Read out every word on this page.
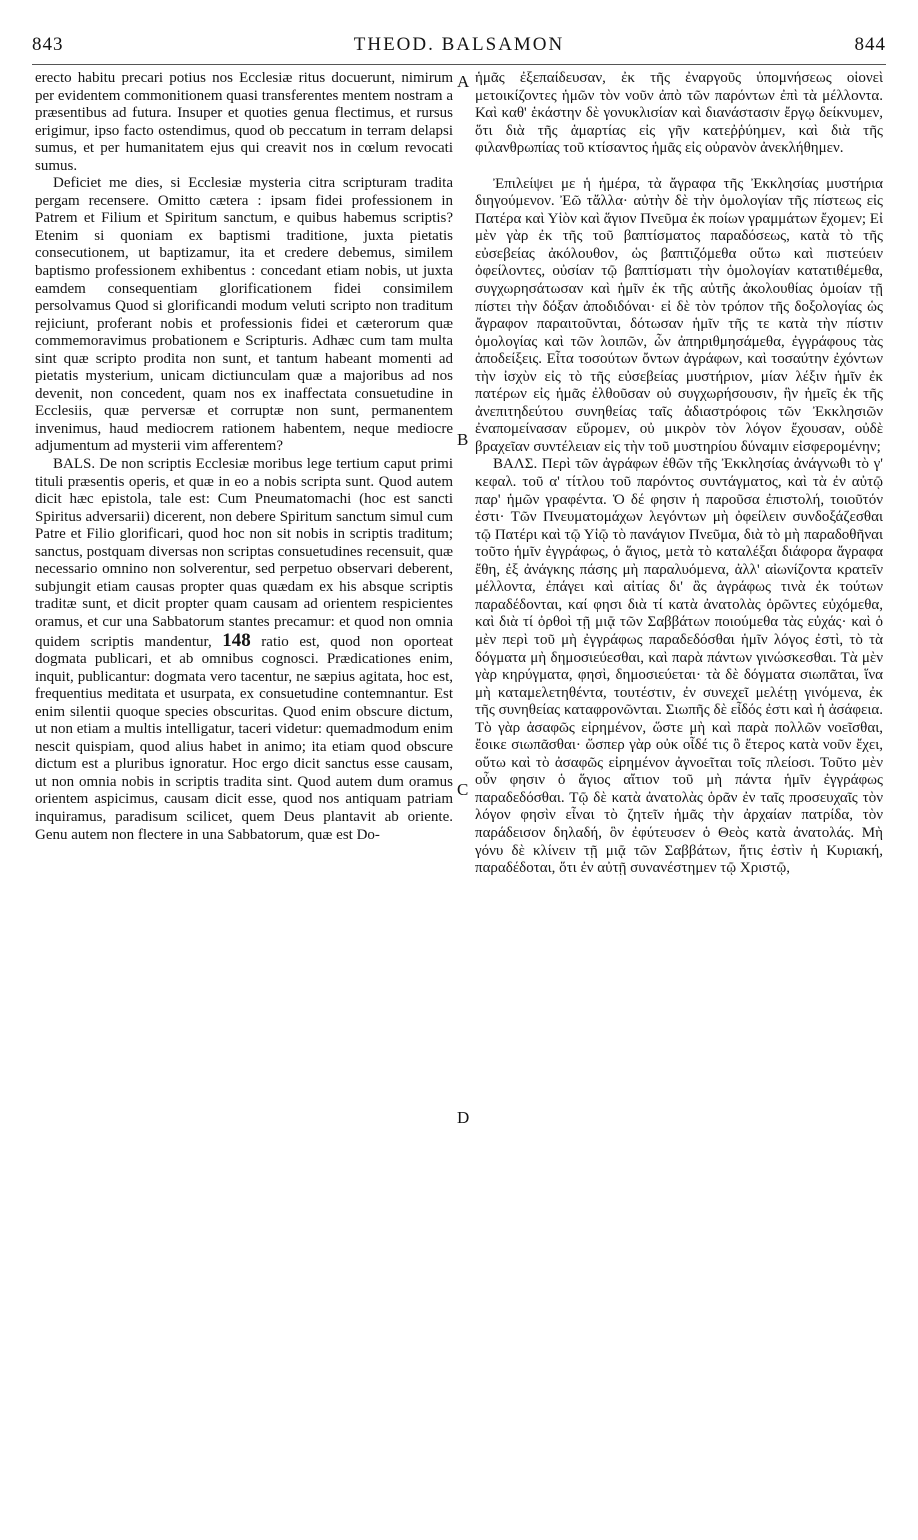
843	THEOD. BALSAMON	844

erecto habitu precari potius nos Ecclesiæ ritus docuerunt, nimirum per evidentem commonitionem quasi transferentes mentem nostram a præsentibus ad futura. Insuper et quoties genua flectimus, et rursus erigimur, ipso facto ostendimus, quod ob peccatum in terram delapsi sumus, et per humanitatem ejus qui creavit nos in cœlum revocati sumus.

Deficiet me dies, si Ecclesiæ mysteria citra scripturam tradita pergam recensere. Omitto cætera : ipsam fidei professionem in Patrem et Filium et Spiritum sanctum, e quibus habemus scriptis? Etenim si quoniam ex baptismi traditione, juxta pietatis consecutionem, ut baptizamur, ita et credere debemus, similem baptismo professionem exhibentus : concedant etiam nobis, ut juxta eamdem consequentiam glorificationem fidei consimilem persolvamus Quod si glorificandi modum veluti scripto non traditum rejiciunt, proferant nobis et professionis fidei et cæterorum quæ commemoravimus probationem e Scripturis. Adhæc cum tam multa sint quæ scripto prodita non sunt, et tantum habeant momenti ad pietatis mysterium, unicam dictiunculam quæ a majoribus ad nos devenit, non concedent, quam nos ex inaffectata consuetudine in Ecclesiis, quæ perversæ et corruptæ non sunt, permanentem invenimus, haud mediocrem rationem habentem, neque mediocre adjumentum ad mysterii vim afferentem?

BALS. De non scriptis Ecclesiæ moribus lege tertium caput primi tituli præsentis operis, et quæ in eo a nobis scripta sunt. Quod autem dicit hæc epistola, tale est: Cum Pneumatomachi (hoc est sancti Spiritus adversarii) dicerent, non debere Spiritum sanctum simul cum Patre et Filio glorificari, quod hoc non sit nobis in scriptis traditum; sanctus, postquam diversas non scriptas consuetudines recensuit, quæ necessario omnino non solverentur, sed perpetuo observari deberent, subjungit etiam causas propter quas quædam ex his absque scriptis traditæ sunt, et dicit propter quam causam ad orientem respicientes oramus, et cur una Sabbatorum stantes precamur: et quod non omnia quidem scriptis mandentur, 148 ratio est, quod non oporteat dogmata publicari, et ab omnibus cognosci. Prædicationes enim, inquit, publicantur: dogmata vero tacentur, ne sæpius agitata, hoc est, frequentius meditata et usurpata, ex consuetudine contemnantur. Est enim silentii quoque species obscuritas. Quod enim obscure dictum, ut non etiam a multis intelligatur, taceri videtur: quemadmodum enim nescit quispiam, quod alius habet in animo; ita etiam quod obscure dictum est a pluribus ignoratur. Hoc ergo dicit sanctus esse causam, ut non omnia nobis in scriptis tradita sint. Quod autem dum oramus orientem aspicimus, causam dicit esse, quod nos antiquam patriam inquiramus, paradisum scilicet, quem Deus plantavit ab oriente. Genu autem non flectere in una Sabbatorum, quæ est Do-

A
B
C
D

ἡμᾶς ἐξεπαίδευσαν, ἐκ τῆς ἐναργοῦς ὑπομνήσεως οἱονεὶ μετοικίζοντες ἡμῶν τὸν νοῦν ἀπὸ τῶν παρόντων ἐπὶ τὰ μέλλοντα. Καὶ καθ' ἑκάστην δὲ γονυκλισίαν καὶ διανάστασιν ἔργῳ δείκνυμεν, ὅτι διὰ τῆς ἁμαρτίας εἰς γῆν κατεῤῥύημεν, καὶ διὰ τῆς φιλανθρωπίας τοῦ κτίσαντος ἡμᾶς εἰς οὐρανὸν ἀνεκλήθημεν.

Ἐπιλείψει με ἡ ἡμέρα, τὰ ἄγραφα τῆς Ἐκκλησίας μυστήρια διηγούμενον. Ἐῶ τἄλλα· αὐτὴν δὲ τὴν ὁμολογίαν τῆς πίστεως εἰς Πατέρα καὶ Υἱὸν καὶ ἅγιον Πνεῦμα ἐκ ποίων γραμμάτων ἔχομεν; Εἰ μὲν γὰρ ἐκ τῆς τοῦ βαπτίσματος παραδόσεως, κατὰ τὸ τῆς εὐσεβείας ἀκόλουθον, ὡς βαπτιζόμεθα οὕτω καὶ πιστεύειν ὀφείλοντες, οὐσίαν τῷ βαπτίσματι τὴν ὁμολογίαν κατατιθέμεθα, συγχωρησάτωσαν καὶ ἡμῖν ἐκ τῆς αὐτῆς ἀκολουθίας ὁμοίαν τῇ πίστει τὴν δόξαν ἀποδιδόναι· εἰ δὲ τὸν τρόπον τῆς δοξολογίας ὡς ἄγραφον παραιτοῦνται, δότωσαν ἡμῖν τῆς τε κατὰ τὴν πίστιν ὁμολογίας καὶ τῶν λοιπῶν, ὧν ἀπηριθμησάμεθα, ἐγγράφους τὰς ἀποδείξεις. Εἶτα τοσούτων ὄντων ἀγράφων, καὶ τοσαύτην ἐχόντων τὴν ἰσχὺν εἰς τὸ τῆς εὐσεβείας μυστήριον, μίαν λέξιν ἡμῖν ἐκ πατέρων εἰς ἡμᾶς ἐλθοῦσαν οὐ συγχωρήσουσιν, ἣν ἡμεῖς ἐκ τῆς ἀνεπιτηδεύτου συνηθείας ταῖς ἀδιαστρόφοις τῶν Ἐκκλησιῶν ἐναπομείνασαν εὕρομεν, οὐ μικρὸν τὸν λόγον ἔχουσαν, οὐδὲ βραχεῖαν συντέλειαν εἰς τὴν τοῦ μυστηρίου δύναμιν εἰσφερομένην;

ΒΑΛΣ. Περὶ τῶν ἀγράφων ἐθῶν τῆς Ἐκκλησίας ἀνάγνωθι τὸ γ' κεφαλ. τοῦ α' τίτλου τοῦ παρόντος συντάγματος, καὶ τὰ ἐν αὐτῷ παρ' ἡμῶν γραφέντα. Ὁ δέ φησιν ἡ παροῦσα ἐπιστολή, τοιοῦτόν ἐστι· Τῶν Πνευματομάχων λεγόντων μὴ ὀφείλειν συνδοξάζεσθαι τῷ Πατέρι καὶ τῷ Υἱῷ τὸ πανάγιον Πνεῦμα, διὰ τὸ μὴ παραδοθῆναι τοῦτο ἡμῖν ἐγγράφως, ὁ ἅγιος, μετὰ τὸ καταλέξαι διάφορα ἄγραφα ἔθη, ἐξ ἀνάγκης πάσης μὴ παραλυόμενα, ἀλλ' αἰωνίζοντα κρατεῖν μέλλοντα, ἐπάγει καὶ αἰτίας δι' ἃς ἀγράφως τινὰ ἐκ τούτων παραδέδονται, καί φησι διὰ τί κατὰ ἀνατολὰς ὁρῶντες εὐχόμεθα, καὶ διὰ τί ὀρθοὶ τῇ μιᾷ τῶν Σαββάτων ποιούμεθα τὰς εὐχάς· καὶ ὁ μὲν περὶ τοῦ μὴ ἐγγράφως παραδεδόσθαι ἡμῖν λόγος ἐστὶ, τὸ τὰ δόγματα μὴ δημοσιεύεσθαι, καὶ παρὰ πάντων γινώσκεσθαι. Τὰ μὲν γὰρ κηρύγματα, φησὶ, δημοσιεύεται· τὰ δὲ δόγματα σιωπᾶται, ἵνα μὴ καταμελετηθέντα, τουτέστιν, ἐν συνεχεῖ μελέτῃ γινόμενα, ἐκ τῆς συνηθείας καταφρονῶνται. Σιωπῆς δὲ εἶδός ἐστι καὶ ἡ ἀσάφεια. Τὸ γὰρ ἀσαφῶς εἰρημένον, ὥστε μὴ καὶ παρὰ πολλῶν νοεῖσθαι, ἔοικε σιωπᾶσθαι· ὥσπερ γὰρ οὐκ οἶδέ τις ὃ ἕτερος κατὰ νοῦν ἔχει, οὕτω καὶ τὸ ἀσαφῶς εἰρημένον ἀγνοεῖται τοῖς πλείοσι. Τοῦτο μὲν οὖν φησιν ὁ ἅγιος αἴτιον τοῦ μὴ πάντα ἡμῖν ἐγγράφως παραδεδόσθαι. Τῷ δὲ κατὰ ἀνατολὰς ὁρᾶν ἐν ταῖς προσευχαῖς τὸν λόγον φησὶν εἶναι τὸ ζητεῖν ἡμᾶς τὴν ἀρχαίαν πατρίδα, τὸν παράδεισον δηλαδή, ὃν ἐφύτευσεν ὁ Θεὸς κατὰ ἀνατολάς. Μὴ γόνυ δὲ κλίνειν τῇ μιᾷ τῶν Σαββάτων, ἥτις ἐστὶν ἡ Κυριακή, παραδέδοται, ὅτι ἐν αὐτῇ συνανέστημεν τῷ Χριστῷ,
